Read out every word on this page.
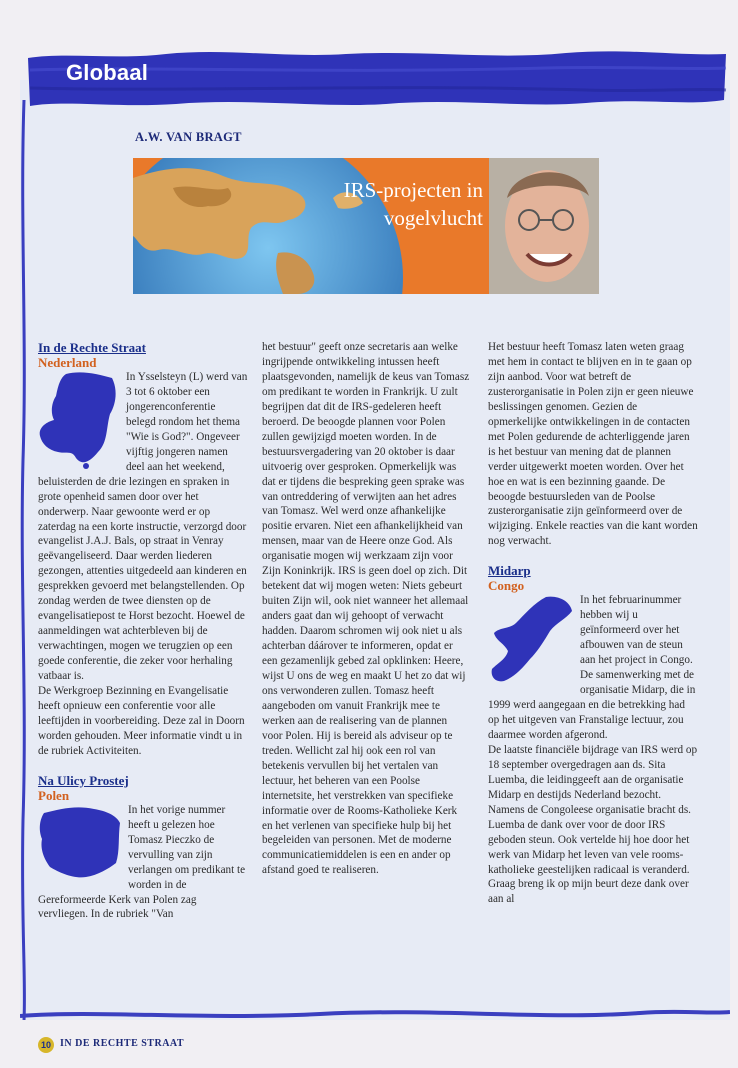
Globaal
A.W. VAN BRAGT
IRS-projecten in
vogelvlucht
In de Rechte Straat
Nederland

In Ysselsteyn (L) werd van 3 tot 6 oktober een jongerenconferentie belegd rondom het thema "Wie is God?". Ongeveer vijftig jongeren namen deel aan het weekend, beluisterden de drie lezingen en spraken in grote openheid samen door over het onderwerp. Naar gewoonte werd er op zaterdag na een korte instructie, verzorgd door evangelist J.A.J. Bals, op straat in Venray geëvangeliseerd. Daar werden liederen gezongen, attenties uitgedeeld aan kinderen en gesprekken gevoerd met belangstellenden. Op zondag werden de twee diensten op de evangelisatiepost te Horst bezocht. Hoewel de aanmeldingen wat achterbleven bij de verwachtingen, mogen we terugzien op een goede conferentie, die zeker voor herhaling vatbaar is.

De Werkgroep Bezinning en Evangelisatie heeft opnieuw een conferentie voor alle leeftijden in voorbereiding. Deze zal in Doorn worden gehouden. Meer informatie vindt u in de rubriek Activiteiten.

Na Ulicy Prostej
Polen

In het vorige nummer heeft u gelezen hoe Tomasz Pieczko de vervulling van zijn verlangen om predikant te worden in de Gereformeerde Kerk van Polen zag vervliegen. In de rubriek "Van

het bestuur" geeft onze secretaris aan welke ingrijpende ontwikkeling intussen heeft plaatsgevonden, namelijk de keus van Tomasz om predikant te worden in Frankrijk. U zult begrijpen dat dit de IRS-gedeleren heeft beroerd. De beoogde plannen voor Polen zullen gewijzigd moeten worden. In de bestuursvergadering van 20 oktober is daar uitvoerig over gesproken. Opmerkelijk was dat er tijdens die bespreking geen sprake was van ontreddering of verwijten aan het adres van Tomasz. Wel werd onze afhankelijke positie ervaren. Niet een afhankelijkheid van mensen, maar van de Heere onze God. Als organisatie mogen wij werkzaam zijn voor Zijn Koninkrijk. IRS is geen doel op zich. Dit betekent dat wij mogen weten: Niets gebeurt buiten Zijn wil, ook niet wanneer het allemaal anders gaat dan wij gehoopt of verwacht hadden. Daarom schromen wij ook niet u als achterban dáárover te informeren, opdat er een gezamenlijk gebed zal opklinken: Heere, wijst U ons de weg en maakt U het zo dat wij ons verwonderen zullen. Tomasz heeft aangeboden om vanuit Frankrijk mee te werken aan de realisering van de plannen voor Polen. Hij is bereid als adviseur op te treden. Wellicht zal hij ook een rol van betekenis vervullen bij het vertalen van lectuur, het beheren van een Poolse internetsite, het verstrekken van specifieke informatie over de Rooms-Katholieke Kerk en het verlenen van specifieke hulp bij het begeleiden van personen. Met de moderne communicatiemiddelen is een en ander op afstand goed te realiseren.

Het bestuur heeft Tomasz laten weten graag met hem in contact te blijven en in te gaan op zijn aanbod. Voor wat betreft de zusterorganisatie in Polen zijn er geen nieuwe beslissingen genomen. Gezien de opmerkelijke ontwikkelingen in de contacten met Polen gedurende de achterliggende jaren is het bestuur van mening dat de plannen verder uitgewerkt moeten worden. Over het hoe en wat is een bezinning gaande. De beoogde bestuursleden van de Poolse zusterorganisatie zijn geïnformeerd over de wijziging. Enkele reacties van die kant worden nog verwacht.

Midarp
Congo

In het februarinummer hebben wij u geïnformeerd over het afbouwen van de steun aan het project in Congo. De samenwerking met de organisatie Midarp, die in 1999 werd aangegaan en die betrekking had op het uitgeven van Franstalige lectuur, zou daarmee worden afgerond.

De laatste financiële bijdrage van IRS werd op 18 september overgedragen aan ds. Sita Luemba, die leidinggeeft aan de organisatie Midarp en destijds Nederland bezocht. Namens de Congoleese organisatie bracht ds. Luemba de dank over voor de door IRS geboden steun. Ook vertelde hij hoe door het werk van Midarp het leven van vele rooms-katholieke geestelijken radicaal is veranderd. Graag breng ik op mijn beurt deze dank over aan al

10 IN DE RECHTE STRAAT
